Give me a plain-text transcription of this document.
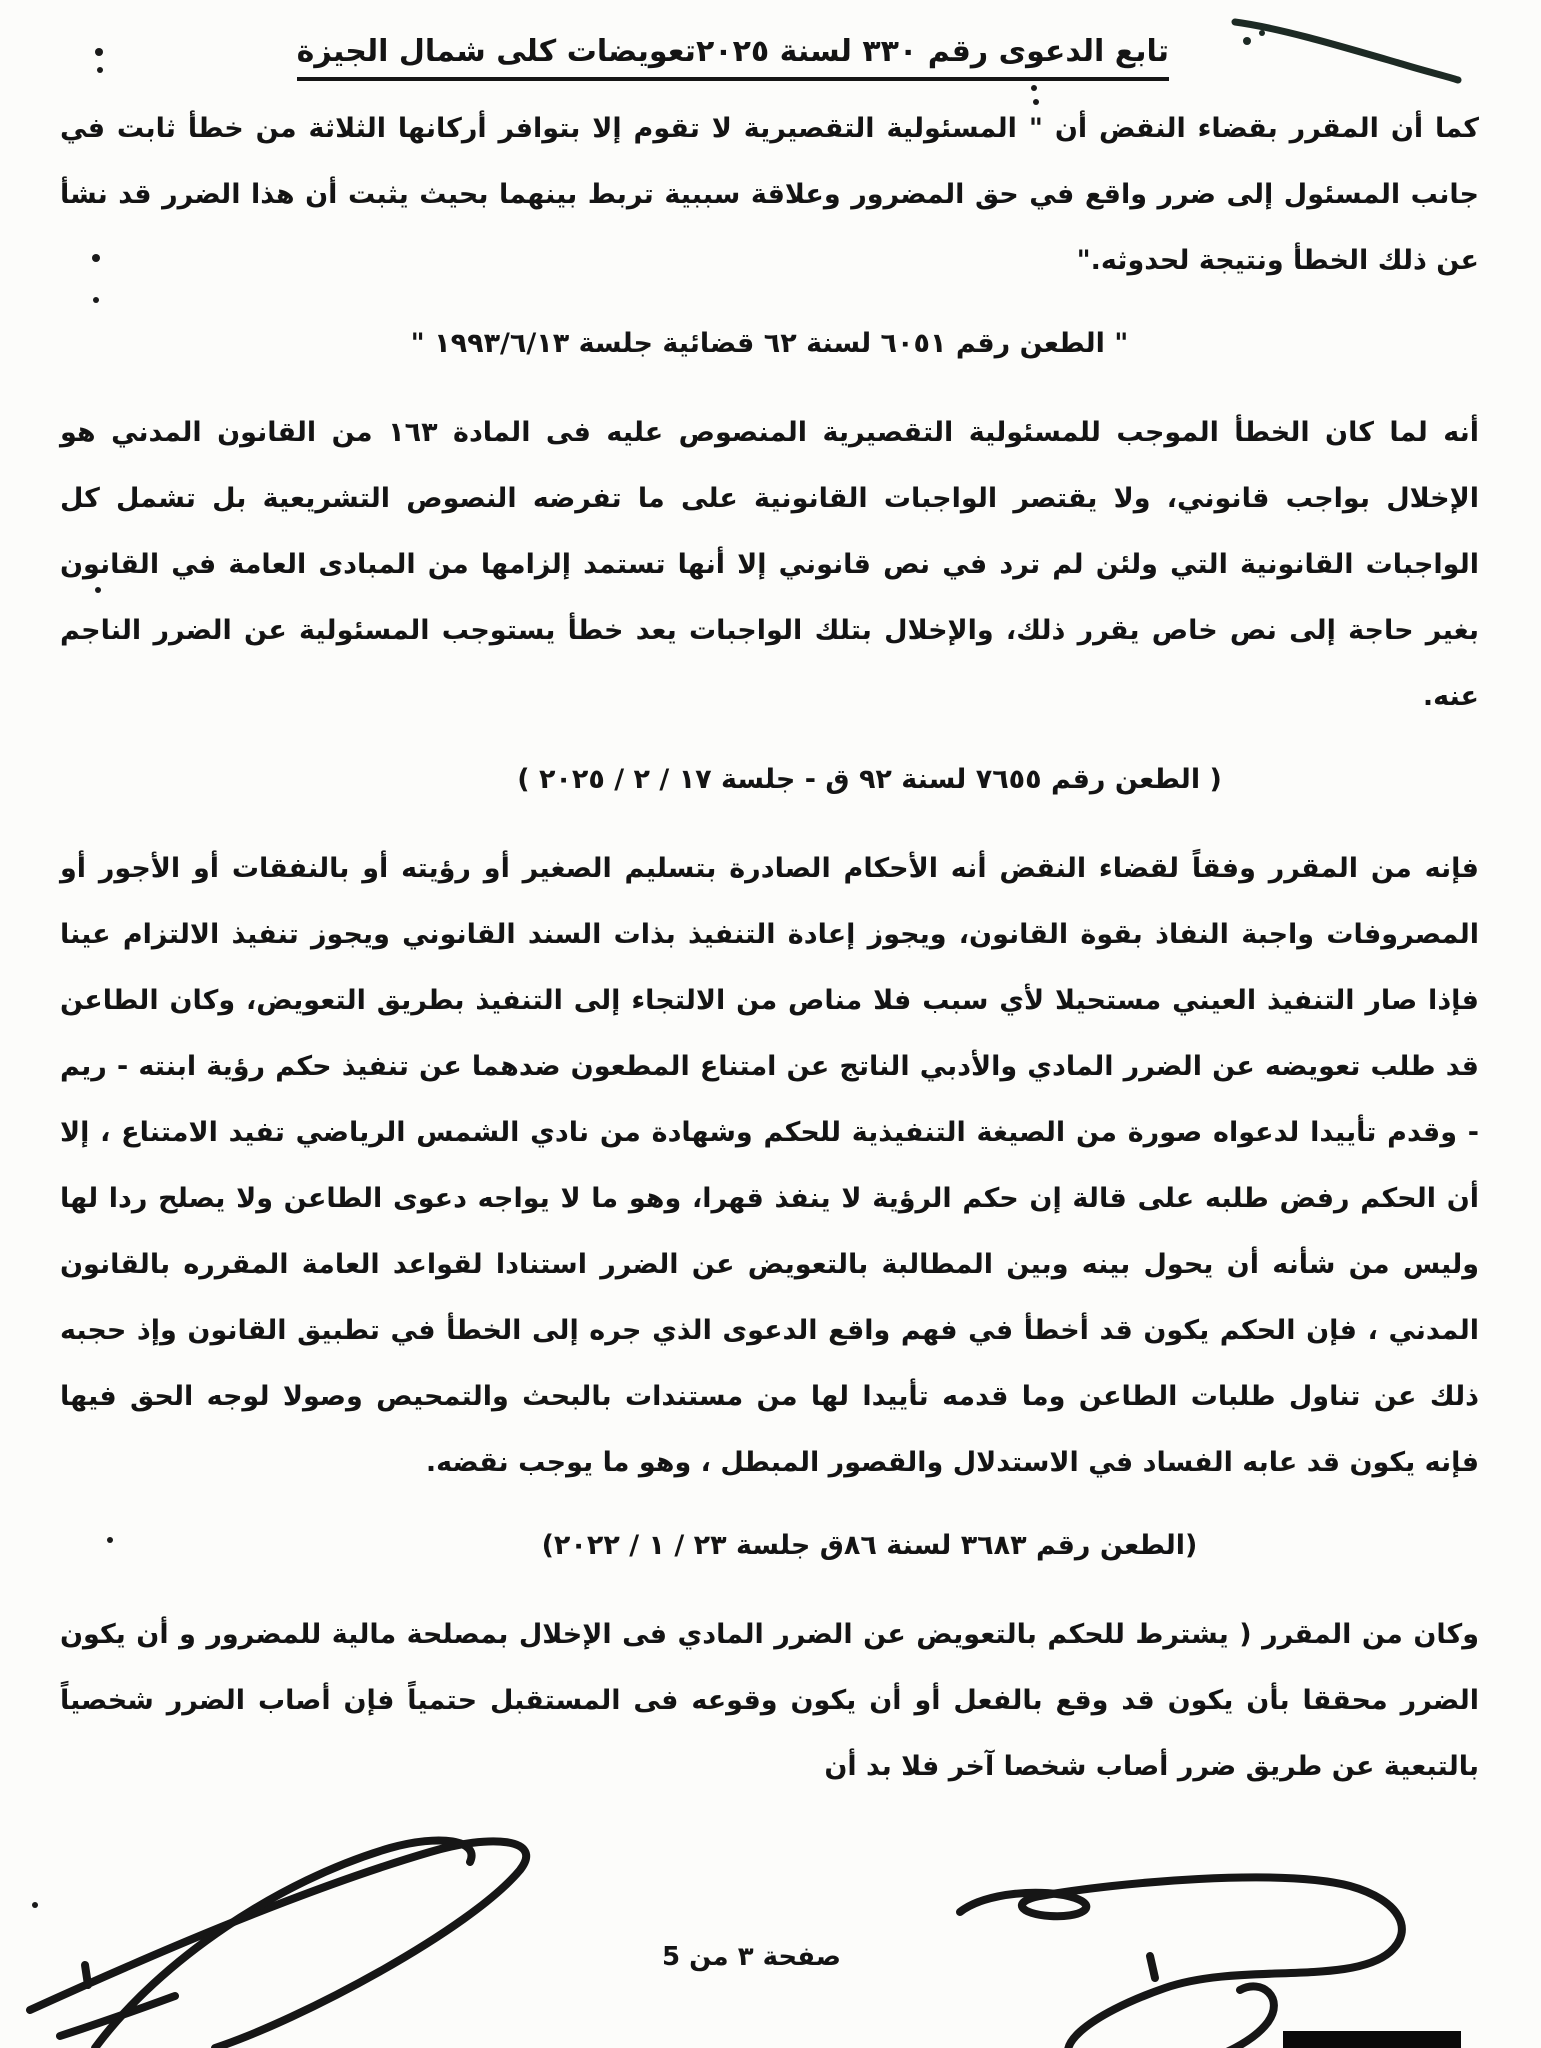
تابع الدعوى رقم ٣٣٠ لسنة ٢٠٢٥تعويضات كلى شمال الجيزة

كما أن المقرر بقضاء النقض أن " المسئولية التقصيرية لا تقوم إلا بتوافر أركانها الثلاثة من خطأ ثابت في جانب المسئول إلى ضرر واقع في حق المضرور وعلاقة سببية تربط بينهما بحيث يثبت أن هذا الضرر قد نشأ عن ذلك الخطأ ونتيجة لحدوثه."

" الطعن رقم ٦٠٥١ لسنة ٦٢ قضائية جلسة ١٩٩٣/٦/١٣ "

أنه لما كان الخطأ الموجب للمسئولية التقصيرية المنصوص عليه فى المادة ١٦٣ من القانون المدني هو الإخلال بواجب قانوني، ولا يقتصر الواجبات القانونية على ما تفرضه النصوص التشريعية بل تشمل كل الواجبات القانونية التي ولئن لم ترد في نص قانوني إلا أنها تستمد إلزامها من المبادى العامة في القانون بغير حاجة إلى نص خاص يقرر ذلك، والإخلال بتلك الواجبات يعد خطأ يستوجب المسئولية عن الضرر الناجم عنه.

( الطعن رقم ٧٦٥٥ لسنة ٩٢ ق - جلسة ١٧ / ٢ / ٢٠٢٥ )

فإنه من المقرر وفقاً لقضاء النقض أنه الأحكام الصادرة بتسليم الصغير أو رؤيته أو بالنفقات أو الأجور أو المصروفات واجبة النفاذ بقوة القانون، ويجوز إعادة التنفيذ بذات السند القانوني ويجوز تنفيذ الالتزام عينا فإذا صار التنفيذ العيني مستحيلا لأي سبب فلا مناص من الالتجاء إلى التنفيذ بطريق التعويض، وكان الطاعن قد طلب تعويضه عن الضرر المادي والأدبي الناتج عن امتناع المطعون ضدهما عن تنفيذ حكم رؤية ابنته - ريم - وقدم تأييدا لدعواه صورة من الصيغة التنفيذية للحكم وشهادة من نادي الشمس الرياضي تفيد الامتناع ، إلا أن الحكم رفض طلبه على قالة إن حكم الرؤية لا ينفذ قهرا، وهو ما لا يواجه دعوى الطاعن ولا يصلح ردا لها وليس من شأنه أن يحول بينه وبين المطالبة بالتعويض عن الضرر استنادا لقواعد العامة المقرره بالقانون المدني ، فإن الحكم يكون قد أخطأ في فهم واقع الدعوى الذي جره إلى الخطأ في تطبيق القانون وإذ حجبه ذلك عن تناول طلبات الطاعن وما قدمه تأييدا لها من مستندات بالبحث والتمحيص وصولا لوجه الحق فيها فإنه يكون قد عابه الفساد في الاستدلال والقصور المبطل ، وهو ما يوجب نقضه.

(الطعن رقم ٣٦٨٣ لسنة ٨٦ق جلسة ٢٣ / ١ / ٢٠٢٢)

وكان من المقرر ( يشترط للحكم بالتعويض عن الضرر المادي فى الإخلال بمصلحة مالية للمضرور و أن يكون الضرر محققا بأن يكون قد وقع بالفعل أو أن يكون وقوعه فى المستقبل حتمياً فإن أصاب الضرر شخصياً بالتبعية عن طريق ضرر أصاب شخصا آخر فلا بد أن

صفحة ٣ من 5
